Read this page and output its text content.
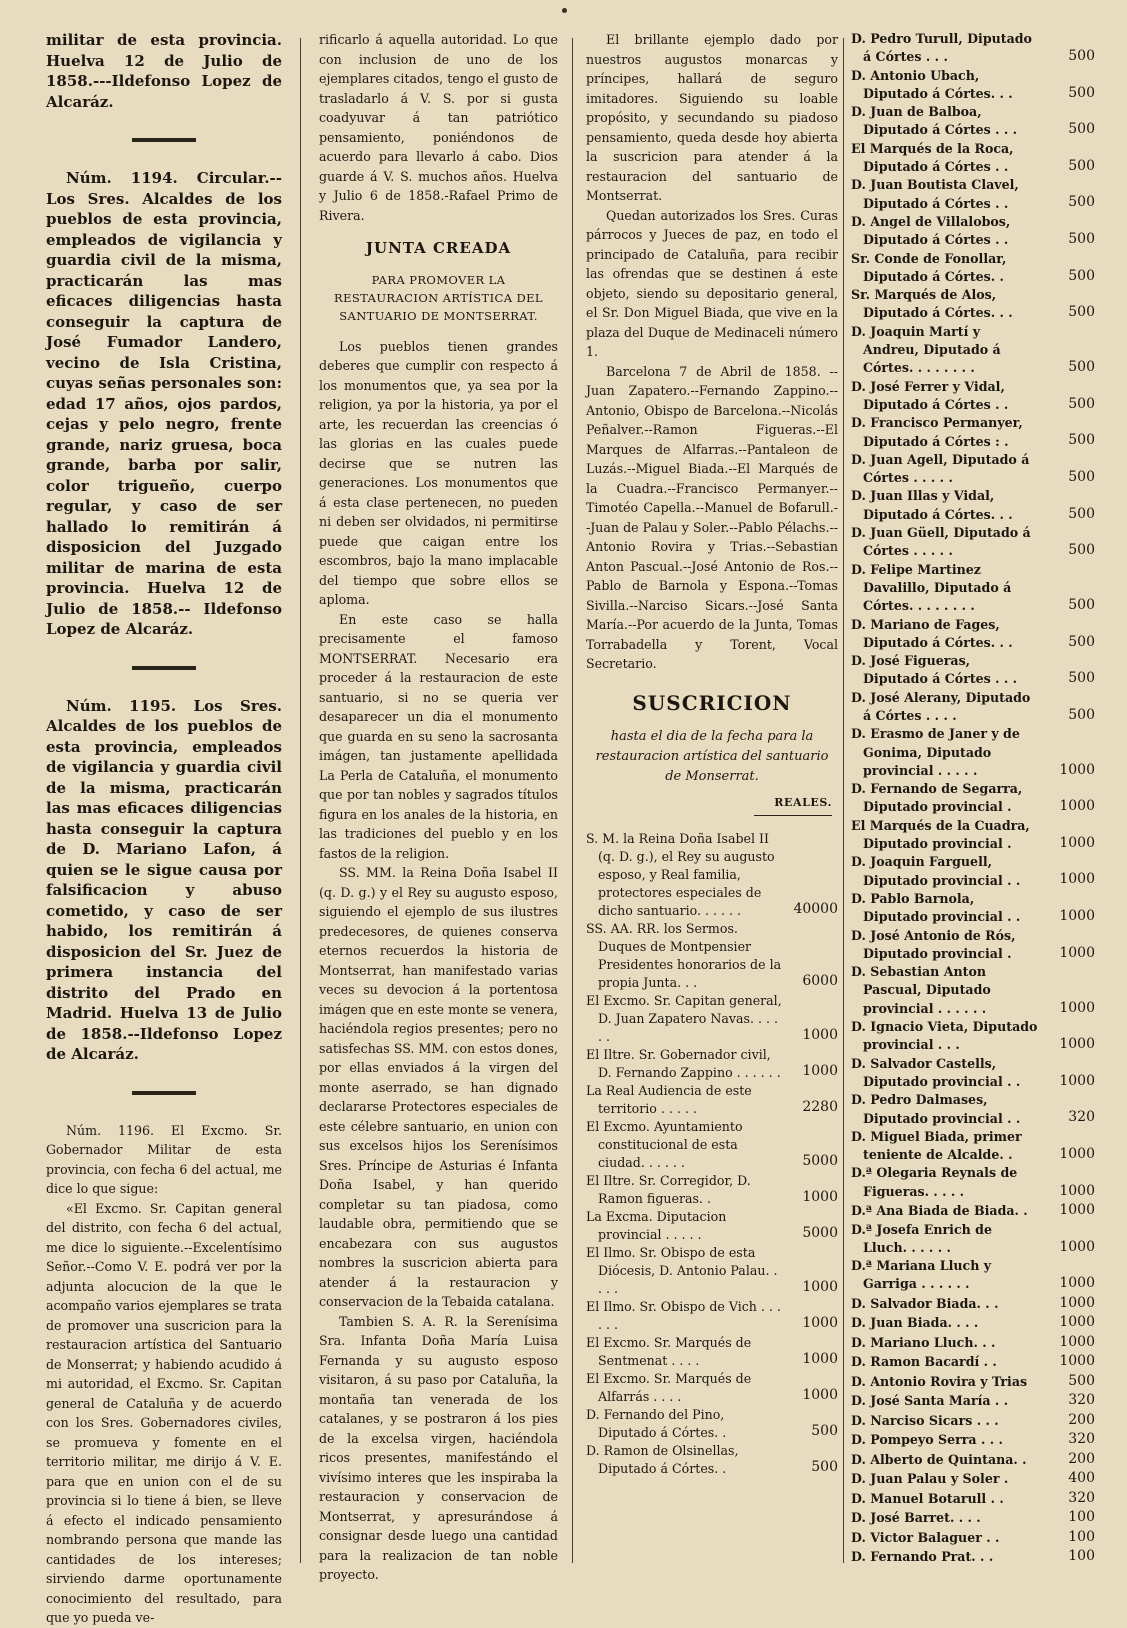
militar de esta provincia. Huelva 12 de Julio de 1858.---Ildefonso Lopez de Alcaráz.

Núm. 1194. Circular.-- Los Sres. Alcaldes de los pueblos de esta provincia, empleados de vigilancia y guardia civil de la misma, practicarán las mas eficaces diligencias hasta conseguir la captura de José Fumador Landero, vecino de Isla Cristina, cuyas señas personales son: edad 17 años, ojos pardos, cejas y pelo negro, frente grande, nariz gruesa, boca grande, barba por salir, color trigueño, cuerpo regular, y caso de ser hallado lo remitirán á disposicion del Juzgado militar de marina de esta provincia. Huelva 12 de Julio de 1858.-- Ildefonso Lopez de Alcaráz.

Núm. 1195. Los Sres. Alcaldes de los pueblos de esta provincia, empleados de vigilancia y guardia civil de la misma, practicarán las mas eficaces diligencias hasta conseguir la captura de D. Mariano Lafon, á quien se le sigue causa por falsificacion y abuso cometido, y caso de ser habido, los remitirán á disposicion del Sr. Juez de primera instancia del distrito del Prado en Madrid. Huelva 13 de Julio de 1858.--Ildefonso Lopez de Alcaráz.

Núm. 1196. El Excmo. Sr. Gobernador Militar de esta provincia, con fecha 6 del actual, me dice lo que sigue:

«El Excmo. Sr. Capitan general del distrito, con fecha 6 del actual, me dice lo siguiente.--Excelentísimo Señor.--Como V. E. podrá ver por la adjunta alocucion de la que le acompaño varios ejemplares se trata de promover una suscricion para la restauracion artística del Santuario de Monserrat; y habiendo acudido á mi autoridad, el Excmo. Sr. Capitan general de Cataluña y de acuerdo con los Sres. Gobernadores civiles, se promueva y fomente en el territorio militar, me dirijo á V. E. para que en union con el de su provincia si lo tiene á bien, se lleve á efecto el indicado pensamiento nombrando persona que mande las cantidades de los intereses; sirviendo darme oportunamente conocimiento del resultado, para que yo pueda ve-

rificarlo á aquella autoridad. Lo que con inclusion de uno de los ejemplares citados, tengo el gusto de trasladarlo á V. S. por si gusta coadyuvar á tan patriótico pensamiento, poniéndonos de acuerdo para llevarlo á cabo. Dios guarde á V. S. muchos años. Huelva y Julio 6 de 1858.-Rafael Primo de Rivera.

JUNTA CREADA
PARA PROMOVER LA RESTAURACION ARTÍSTICA DEL SANTUARIO DE MONTSERRAT.

Los pueblos tienen grandes deberes que cumplir con respecto á los monumentos que, ya sea por la religion, ya por la historia, ya por el arte, les recuerdan las creencias ó las glorias en las cuales puede decirse que se nutren las generaciones. Los monumentos que á esta clase pertenecen, no pueden ni deben ser olvidados, ni permitirse puede que caigan entre los escombros, bajo la mano implacable del tiempo que sobre ellos se aploma.

En este caso se halla precisamente el famoso MONTSERRAT. Necesario era proceder á la restauracion de este santuario, si no se queria ver desaparecer un dia el monumento que guarda en su seno la sacrosanta imágen, tan justamente apellidada La Perla de Cataluña, el monumento que por tan nobles y sagrados títulos figura en los anales de la historia, en las tradiciones del pueblo y en los fastos de la religion.

SS. MM. la Reina Doña Isabel II (q. D. g.) y el Rey su augusto esposo, siguiendo el ejemplo de sus ilustres predecesores, de quienes conserva eternos recuerdos la historia de Montserrat, han manifestado varias veces su devocion á la portentosa imágen que en este monte se venera, haciéndola regios presentes; pero no satisfechas SS. MM. con estos dones, por ellas enviados á la virgen del monte aserrado, se han dignado declararse Protectores especiales de este célebre santuario, en union con sus excelsos hijos los Serenísimos Sres. Príncipe de Asturias é Infanta Doña Isabel, y han querido completar su tan piadosa, como laudable obra, permitiendo que se encabezara con sus augustos nombres la suscricion abierta para atender á la restauracion y conservacion de la Tebaida catalana.

Tambien S. A. R. la Serenísima Sra. Infanta Doña María Luisa Fernanda y su augusto esposo visitaron, á su paso por Cataluña, la montaña tan venerada de los catalanes, y se postraron á los pies de la excelsa virgen, haciéndola ricos presentes, manifestándo el vivísimo interes que les inspiraba la restauracion y conservacion de Montserrat, y apresurándose á consignar desde luego una cantidad para la realizacion de tan noble proyecto.

El brillante ejemplo dado por nuestros augustos monarcas y príncipes, hallará de seguro imitadores. Siguiendo su loable propósito, y secundando su piadoso pensamiento, queda desde hoy abierta la suscricion para atender á la restauracion del santuario de Montserrat.

Quedan autorizados los Sres. Curas párrocos y Jueces de paz, en todo el principado de Cataluña, para recibir las ofrendas que se destinen á este objeto, siendo su depositario general, el Sr. Don Miguel Biada, que vive en la plaza del Duque de Medinaceli número 1.

Barcelona 7 de Abril de 1858. --Juan Zapatero.--Fernando Zappino.--Antonio, Obispo de Barcelona.--Nicolás Peñalver.--Ramon Figueras.--El Marques de Alfarras.--Pantaleon de Luzás.--Miguel Biada.--El Marqués de la Cuadra.--Francisco Permanyer.--Timotéo Capella.--Manuel de Bofarull.--Juan de Palau y Soler.--Pablo Pélachs.--Antonio Rovira y Trias.--Sebastian Anton Pascual.--José Antonio de Ros.--Pablo de Barnola y Espona.--Tomas Sivilla.--Narciso Sicars.--José Santa María.--Por acuerdo de la Junta, Tomas Torrabadella y Torent, Vocal Secretario.

SUSCRICION
hasta el dia de la fecha para la restauracion artística del santuario de Monserrat.
REALES.
S. M. la Reina Doña Isabel II (q. D. g.), el Rey su augusto esposo, y Real familia, protectores especiales de dicho santuario. . . . . .	40000
SS. AA. RR. los Sermos. Duques de Montpensier Presidentes honorarios de la propia Junta. . .	6000
El Excmo. Sr. Capitan general, D. Juan Zapatero Navas. . . . . .	1000
El Iltre. Sr. Gobernador civil, D. Fernando Zappino . . . . . .	1000
La Real Audiencia de este territorio . . . . .	2280
El Excmo. Ayuntamiento constitucional de esta ciudad. . . . . .	5000
El Iltre. Sr. Corregidor, D. Ramon figueras. .	1000
La Excma. Diputacion provincial . . . . .	5000
El Ilmo. Sr. Obispo de esta Diócesis, D. Antonio Palau. . . . .	1000
El Ilmo. Sr. Obispo de Vich . . . . . .	1000
El Excmo. Sr. Marqués de Sentmenat . . . .	1000
El Excmo. Sr. Marqués de Alfarrás . . . .	1000
D. Fernando del Pino, Diputado á Córtes. .	500
D. Ramon de Olsinellas, Diputado á Córtes. .	500
D. Pedro Turull, Diputado á Córtes . . .	500
D. Antonio Ubach, Diputado á Córtes. . .	500
D. Juan de Balboa, Diputado á Córtes . . .	500
El Marqués de la Roca, Diputado á Córtes . .	500
D. Juan Boutista Clavel, Diputado á Córtes . .	500
D. Angel de Villalobos, Diputado á Córtes . .	500
Sr. Conde de Fonollar, Diputado á Córtes. .	500
Sr. Marqués de Alos, Diputado á Córtes. . .	500
D. Joaquin Martí y Andreu, Diputado á Córtes. . . . . . . .	500
D. José Ferrer y Vidal, Diputado á Córtes . .	500
D. Francisco Permanyer, Diputado á Córtes : .	500
D. Juan Agell, Diputado á Córtes . . . . .	500
D. Juan Illas y Vidal, Diputado á Córtes. . .	500
D. Juan Güell, Diputado á Córtes . . . . .	500
D. Felipe Martinez Davalillo, Diputado á Córtes. . . . . . . .	500
D. Mariano de Fages, Diputado á Córtes. . .	500
D. José Figueras, Diputado á Córtes . . .	500
D. José Alerany, Diputado á Córtes . . . .	500
D. Erasmo de Janer y de Gonima, Diputado provincial . . . . .	1000
D. Fernando de Segarra, Diputado provincial .	1000
El Marqués de la Cuadra, Diputado provincial .	1000
D. Joaquin Farguell, Diputado provincial . .	1000
D. Pablo Barnola, Diputado provincial . .	1000
D. José Antonio de Rós, Diputado provincial .	1000
D. Sebastian Anton Pascual, Diputado provincial . . . . . .	1000
D. Ignacio Vieta, Diputado provincial . . .	1000
D. Salvador Castells, Diputado provincial . .	1000
D. Pedro Dalmases, Diputado provincial . .	320
D. Miguel Biada, primer teniente de Alcalde. .	1000
D.ª Olegaria Reynals de Figueras. . . . .	1000
D.ª Ana Biada de Biada. .	1000
D.ª Josefa Enrich de Lluch. . . . . .	1000
D.ª Mariana Lluch y Garriga . . . . . .	1000
D. Salvador Biada. . .	1000
D. Juan Biada. . . .	1000
D. Mariano Lluch. . .	1000
D. Ramon Bacardí . .	1000
D. Antonio Rovira y Trias	500
D. José Santa María . .	320
D. Narciso Sicars . . .	200
D. Pompeyo Serra . . .	320
D. Alberto de Quintana. .	200
D. Juan Palau y Soler .	400
D. Manuel Botarull . .	320
D. José Barret. . . .	100
D. Victor Balaguer . .	100
D. Fernando Prat. . .	100
